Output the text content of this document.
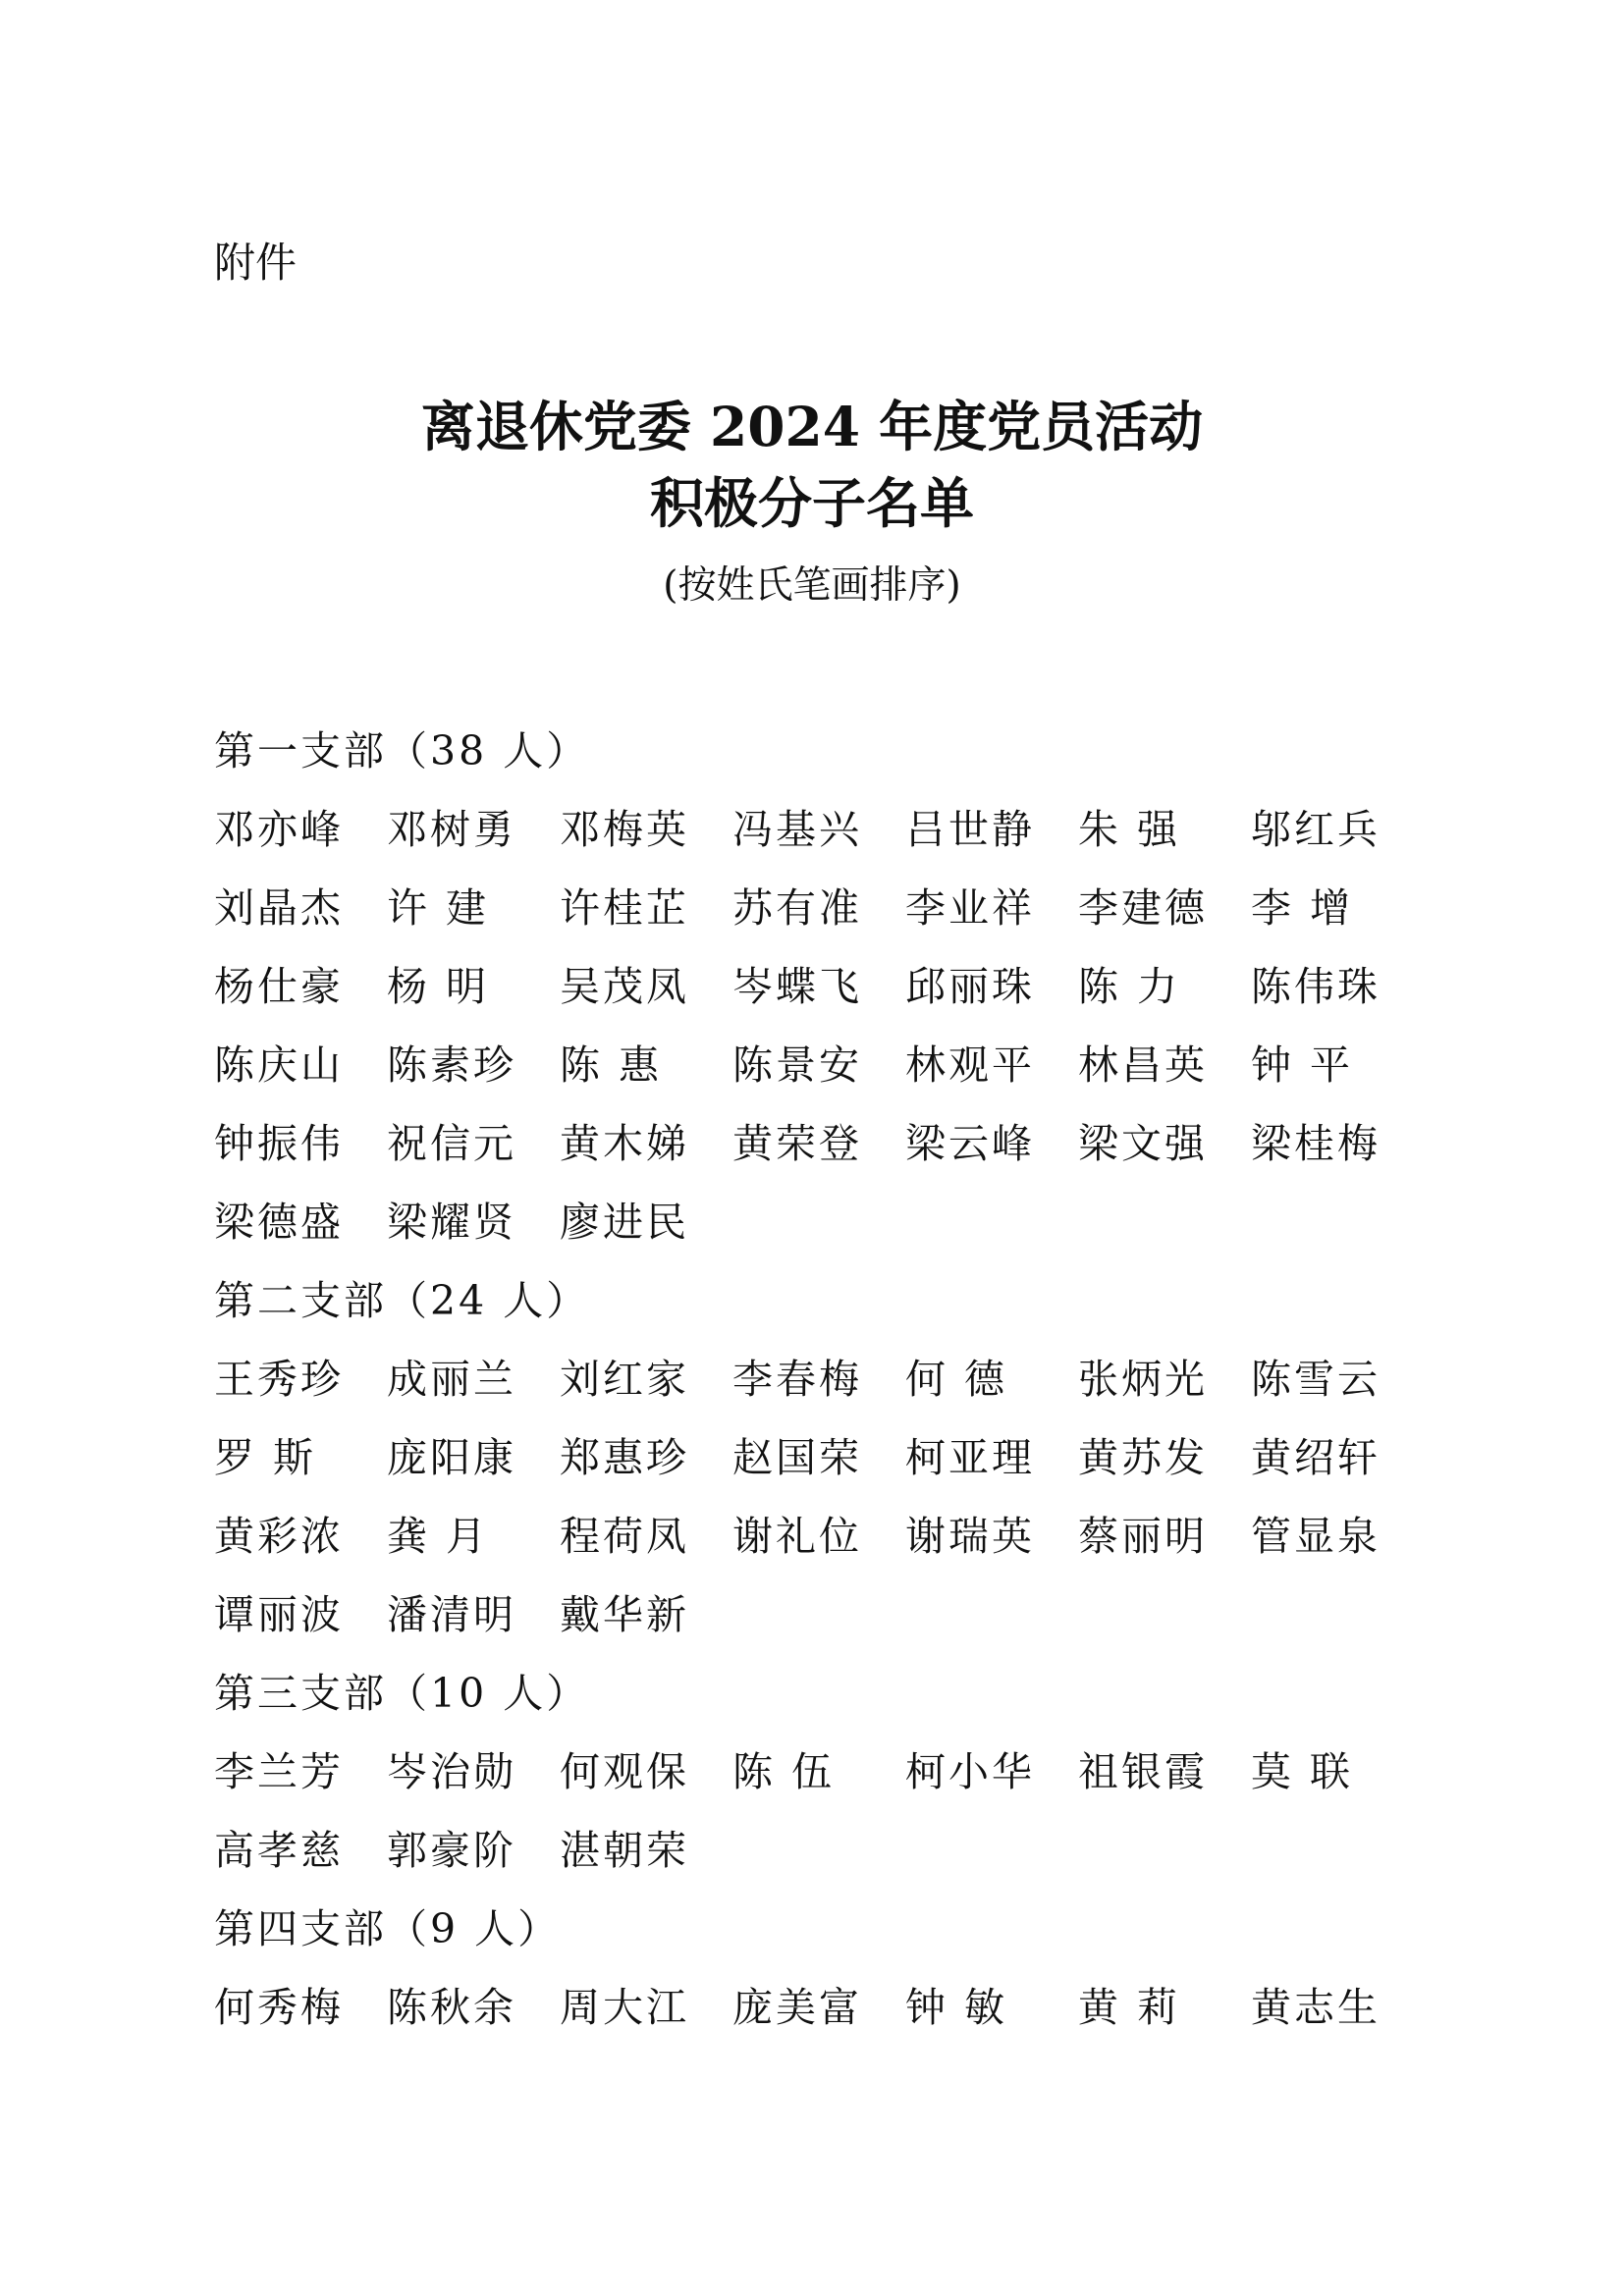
附件

离退休党委 2024 年度党员活动
积极分子名单

(按姓氏笔画排序)

第一支部（38 人）
邓亦峰	邓树勇	邓梅英	冯基兴	吕世静	朱 强	邬红兵
刘晶杰	许 建	许桂芷	苏有准	李业祥	李建德	李 增
杨仕豪	杨 明	吴茂凤	岑蝶飞	邱丽珠	陈 力	陈伟珠
陈庆山	陈素珍	陈 惠	陈景安	林观平	林昌英	钟 平
钟振伟	祝信元	黄木娣	黄荣登	梁云峰	梁文强	梁桂梅
梁德盛	梁耀贤	廖进民
第二支部（24 人）
王秀珍	成丽兰	刘红家	李春梅	何 德	张炳光	陈雪云
罗 斯	庞阳康	郑惠珍	赵国荣	柯亚理	黄苏发	黄绍轩
黄彩浓	龚 月	程荷凤	谢礼位	谢瑞英	蔡丽明	管显泉
谭丽波	潘清明	戴华新
第三支部（10 人）
李兰芳	岑治勋	何观保	陈 伍	柯小华	祖银霞	莫 联
高孝慈	郭豪阶	湛朝荣
第四支部（9 人）
何秀梅	陈秋余	周大江	庞美富	钟 敏	黄 莉	黄志生
